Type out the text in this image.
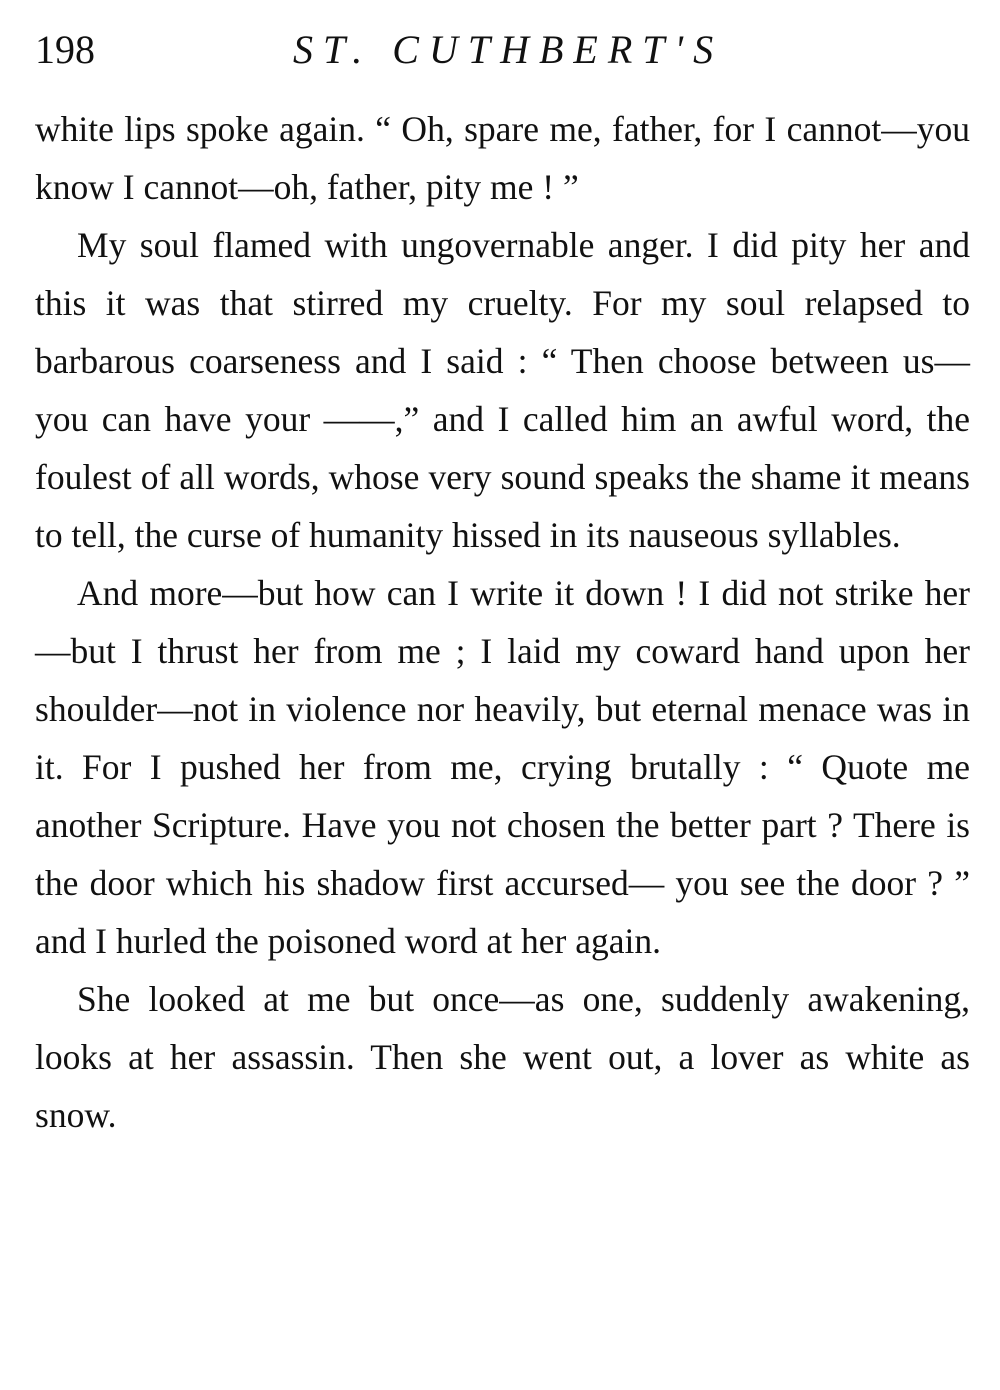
198	ST. CUTHBERT'S

white lips spoke again. “ Oh, spare me, father, for I cannot—you know I cannot—oh, father, pity me ! ”

My soul flamed with ungovernable anger. I did pity her and this it was that stirred my cruelty. For my soul relapsed to barbarous coarseness and I said : “ Then choose between us—you can have your ——,” and I called him an awful word, the foulest of all words, whose very sound speaks the shame it means to tell, the curse of humanity hissed in its nauseous syllables.

And more—but how can I write it down ! I did not strike her—but I thrust her from me ; I laid my coward hand upon her shoulder—not in violence nor heavily, but eternal menace was in it. For I pushed her from me, crying brutally : “ Quote me another Scripture. Have you not chosen the better part ? There is the door which his shadow first accursed— you see the door ? ” and I hurled the poisoned word at her again.

She looked at me but once—as one, suddenly awakening, looks at her assassin. Then she went out, a lover as white as snow.
